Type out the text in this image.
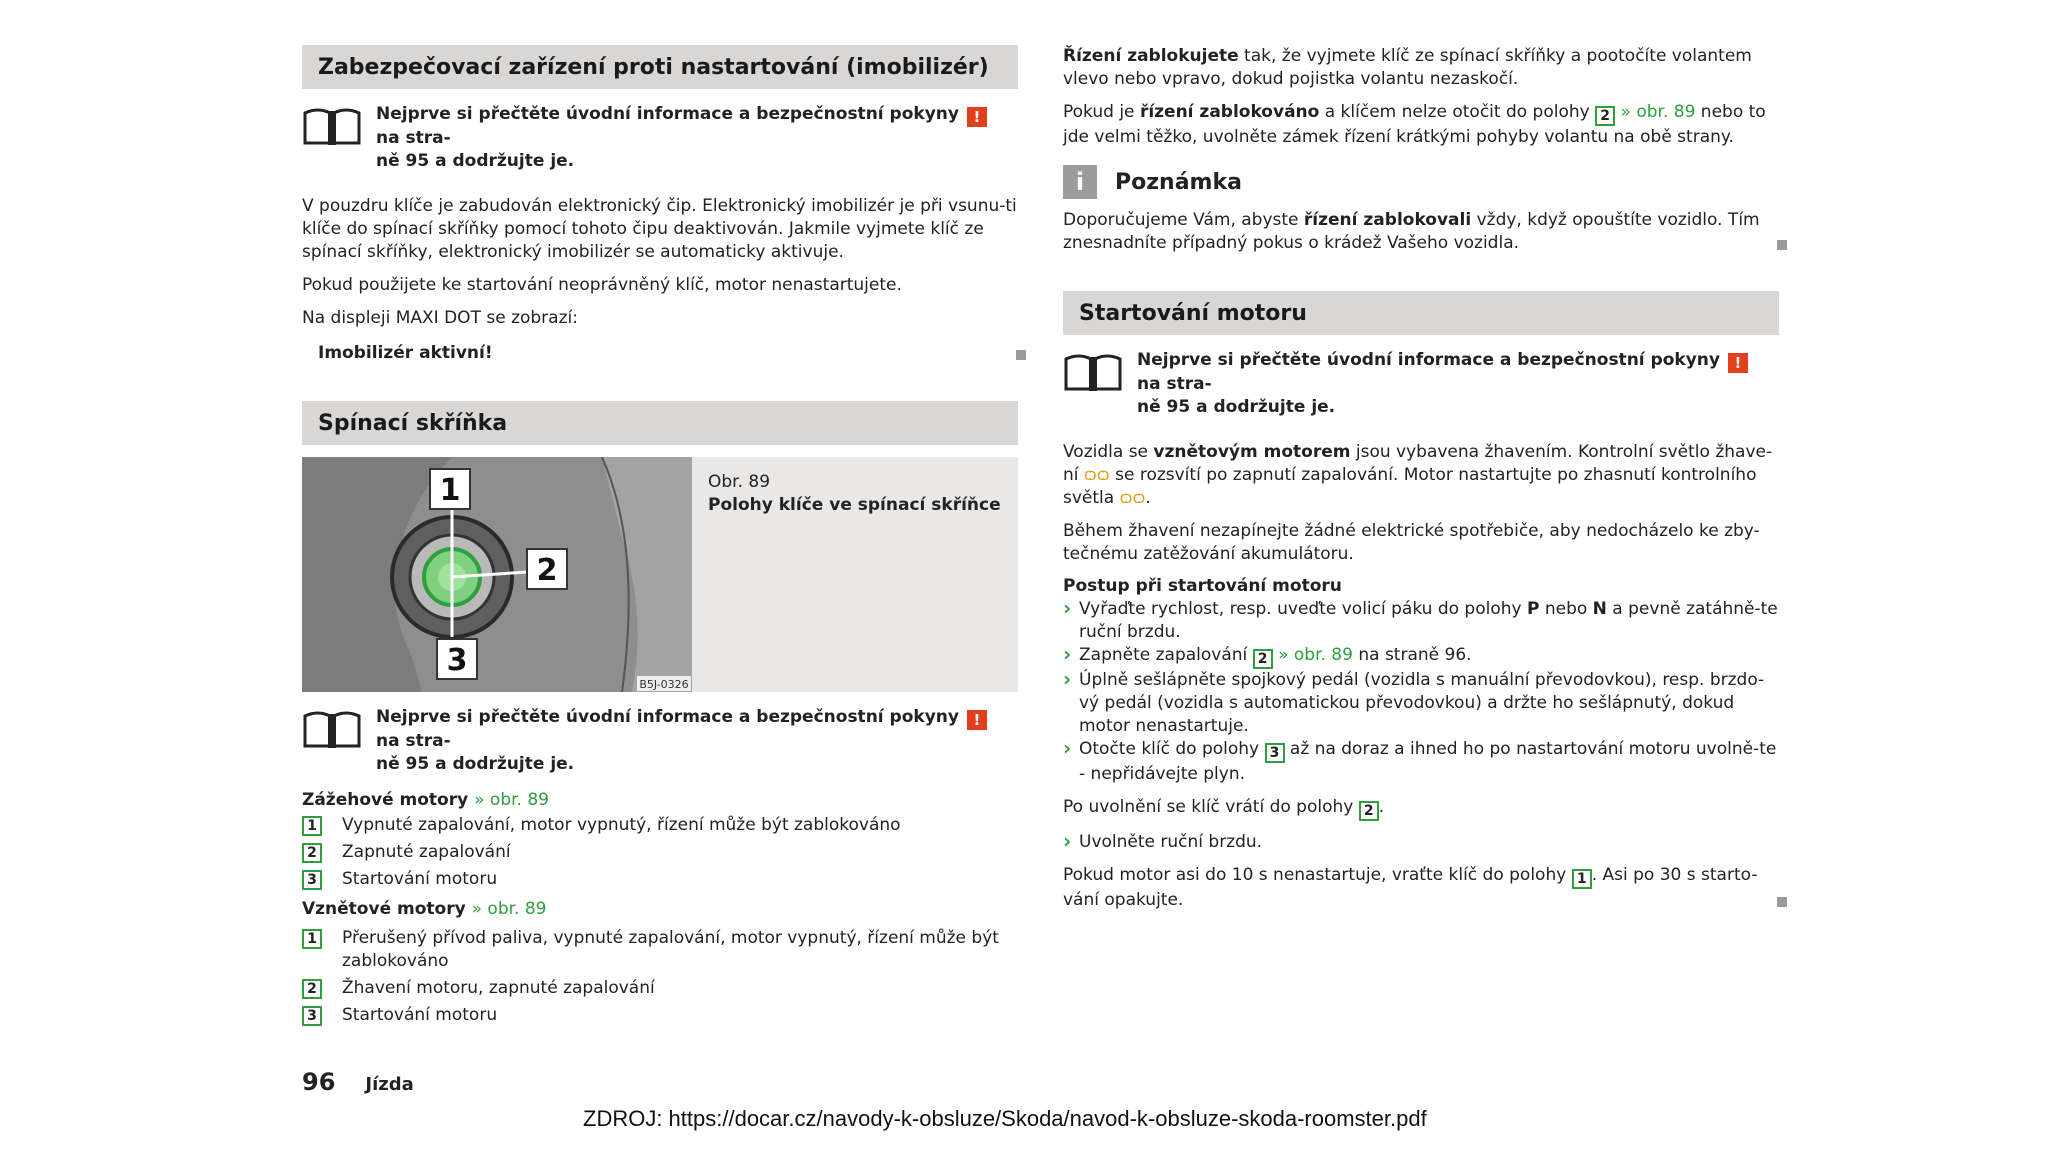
Zabezpečovací zařízení proti nastartování (imobilizér)
Nejprve si přečtěte úvodní informace a bezpečnostní pokyny ! na stra-
ně 95 a dodržujte je.

V pouzdru klíče je zabudován elektronický čip. Elektronický imobilizér je při vsunu-ti klíče do spínací skříňky pomocí tohoto čipu deaktivován. Jakmile vyjmete klíč ze spínací skříňky, elektronický imobilizér se automaticky aktivuje.

Pokud použijete ke startování neoprávněný klíč, motor nenastartujete.

Na displeji MAXI DOT se zobrazí:

Imobilizér aktivní!

Spínací skříňka
1
2
3
B5J-0326
Obr. 89
Polohy klíče ve spínací skříňce
Nejprve si přečtěte úvodní informace a bezpečnostní pokyny ! na stra-
ně 95 a dodržujte je.
Zážehové motory » obr. 89
1	Vypnuté zapalování, motor vypnutý, řízení může být zablokováno
2	Zapnuté zapalování
3	Startování motoru
Vznětové motory » obr. 89
1	Přerušený přívod paliva, vypnuté zapalování, motor vypnutý, řízení může být zablokováno
2	Žhavení motoru, zapnuté zapalování
3	Startování motoru

Řízení zablokujete tak, že vyjmete klíč ze spínací skříňky a pootočíte volantem vlevo nebo vpravo, dokud pojistka volantu nezaskočí.

Pokud je řízení zablokováno a klíčem nelze otočit do polohy 2 » obr. 89 nebo to jde velmi těžko, uvolněte zámek řízení krátkými pohyby volantu na obě strany.

i	Poznámka

Doporučujeme Vám, abyste řízení zablokovali vždy, když opouštíte vozidlo. Tím znesnadníte případný pokus o krádež Vašeho vozidla.

Startování motoru
Nejprve si přečtěte úvodní informace a bezpečnostní pokyny ! na stra-
ně 95 a dodržujte je.

Vozidla se vznětovým motorem jsou vybavena žhavením. Kontrolní světlo žhave-ní ѻѻ se rozsvítí po zapnutí zapalování. Motor nastartujte po zhasnutí kontrolního světla ѻѻ.

Během žhavení nezapínejte žádné elektrické spotřebiče, aby nedocházelo ke zby-tečnému zatěžování akumulátoru.

Postup při startování motoru
› Vyřaďte rychlost, resp. uveďte volicí páku do polohy P nebo N a pevně zatáhně-te ruční brzdu.
› Zapněte zapalování 2 » obr. 89 na straně 96.
› Úplně sešlápněte spojkový pedál (vozidla s manuální převodovkou), resp. brzdo-vý pedál (vozidla s automatickou převodovkou) a držte ho sešlápnutý, dokud motor nenastartuje.
› Otočte klíč do polohy 3 až na doraz a ihned ho po nastartování motoru uvolně-te - nepřidávejte plyn.

Po uvolnění se klíč vrátí do polohy 2 .

› Uvolněte ruční brzdu.

Pokud motor asi do 10 s nenastartuje, vraťte klíč do polohy 1 . Asi po 30 s starto-vání opakujte.

96 Jízda
ZDROJ: https://docar.cz/navody-k-obsluze/Skoda/navod-k-obsluze-skoda-roomster.pdf
